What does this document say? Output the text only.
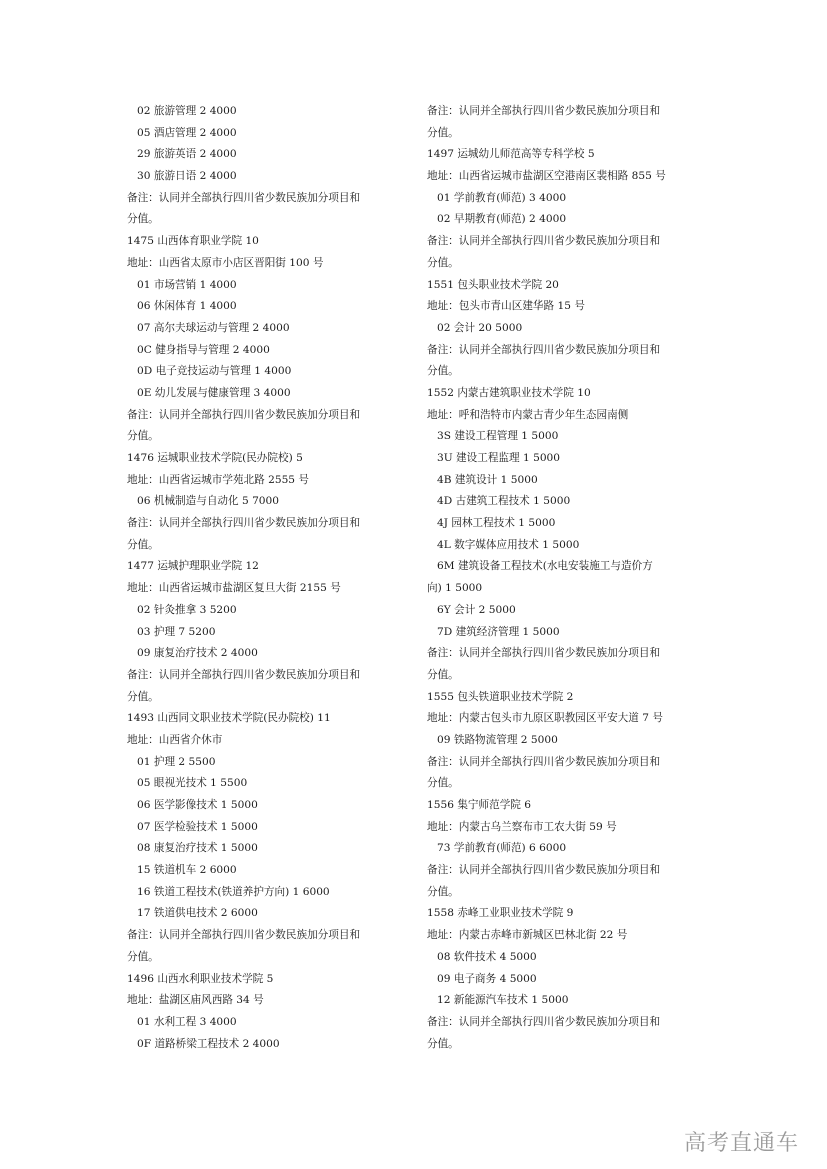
02 旅游管理 2 4000
05 酒店管理 2 4000
29 旅游英语 2 4000
30 旅游日语 2 4000
备注：认同并全部执行四川省少数民族加分项目和
分值。
1475 山西体育职业学院 10
地址：山西省太原市小店区晋阳街 100 号
01 市场营销 1 4000
06 休闲体育 1 4000
07 高尔夫球运动与管理 2 4000
0C 健身指导与管理 2 4000
0D 电子竞技运动与管理 1 4000
0E 幼儿发展与健康管理 3 4000
备注：认同并全部执行四川省少数民族加分项目和
分值。
1476 运城职业技术学院(民办院校) 5
地址：山西省运城市学苑北路 2555 号
06 机械制造与自动化 5 7000
备注：认同并全部执行四川省少数民族加分项目和
分值。
1477 运城护理职业学院 12
地址：山西省运城市盐湖区复旦大街 2155 号
02 针灸推拿 3 5200
03 护理 7 5200
09 康复治疗技术 2 4000
备注：认同并全部执行四川省少数民族加分项目和
分值。
1493 山西同文职业技术学院(民办院校) 11
地址：山西省介休市
01 护理 2 5500
05 眼视光技术 1 5500
06 医学影像技术 1 5000
07 医学检验技术 1 5000
08 康复治疗技术 1 5000
15 铁道机车 2 6000
16 铁道工程技术(铁道养护方向) 1 6000
17 铁道供电技术 2 6000
备注：认同并全部执行四川省少数民族加分项目和
分值。
1496 山西水利职业技术学院 5
地址：盐湖区庙风西路 34 号
01 水利工程 3 4000
0F 道路桥梁工程技术 2 4000
备注：认同并全部执行四川省少数民族加分项目和
分值。
1497 运城幼儿师范高等专科学校 5
地址：山西省运城市盐湖区空港南区裴相路 855 号
01 学前教育(师范) 3 4000
02 早期教育(师范) 2 4000
备注：认同并全部执行四川省少数民族加分项目和
分值。
1551 包头职业技术学院 20
地址：包头市青山区建华路 15 号
02 会计 20 5000
备注：认同并全部执行四川省少数民族加分项目和
分值。
1552 内蒙古建筑职业技术学院 10
地址：呼和浩特市内蒙古青少年生态园南侧
3S 建设工程管理 1 5000
3U 建设工程监理 1 5000
4B 建筑设计 1 5000
4D 古建筑工程技术 1 5000
4J 园林工程技术 1 5000
4L 数字媒体应用技术 1 5000
6M 建筑设备工程技术(水电安装施工与造价方
向) 1 5000
6Y 会计 2 5000
7D 建筑经济管理 1 5000
备注：认同并全部执行四川省少数民族加分项目和
分值。
1555 包头铁道职业技术学院 2
地址：内蒙古包头市九原区职教园区平安大道 7 号
09 铁路物流管理 2 5000
备注：认同并全部执行四川省少数民族加分项目和
分值。
1556 集宁师范学院 6
地址：内蒙古乌兰察布市工农大街 59 号
73 学前教育(师范) 6 6000
备注：认同并全部执行四川省少数民族加分项目和
分值。
1558 赤峰工业职业技术学院 9
地址：内蒙古赤峰市新城区巴林北街 22 号
08 软件技术 4 5000
09 电子商务 4 5000
12 新能源汽车技术 1 5000
备注：认同并全部执行四川省少数民族加分项目和
分值。
高考直通车
